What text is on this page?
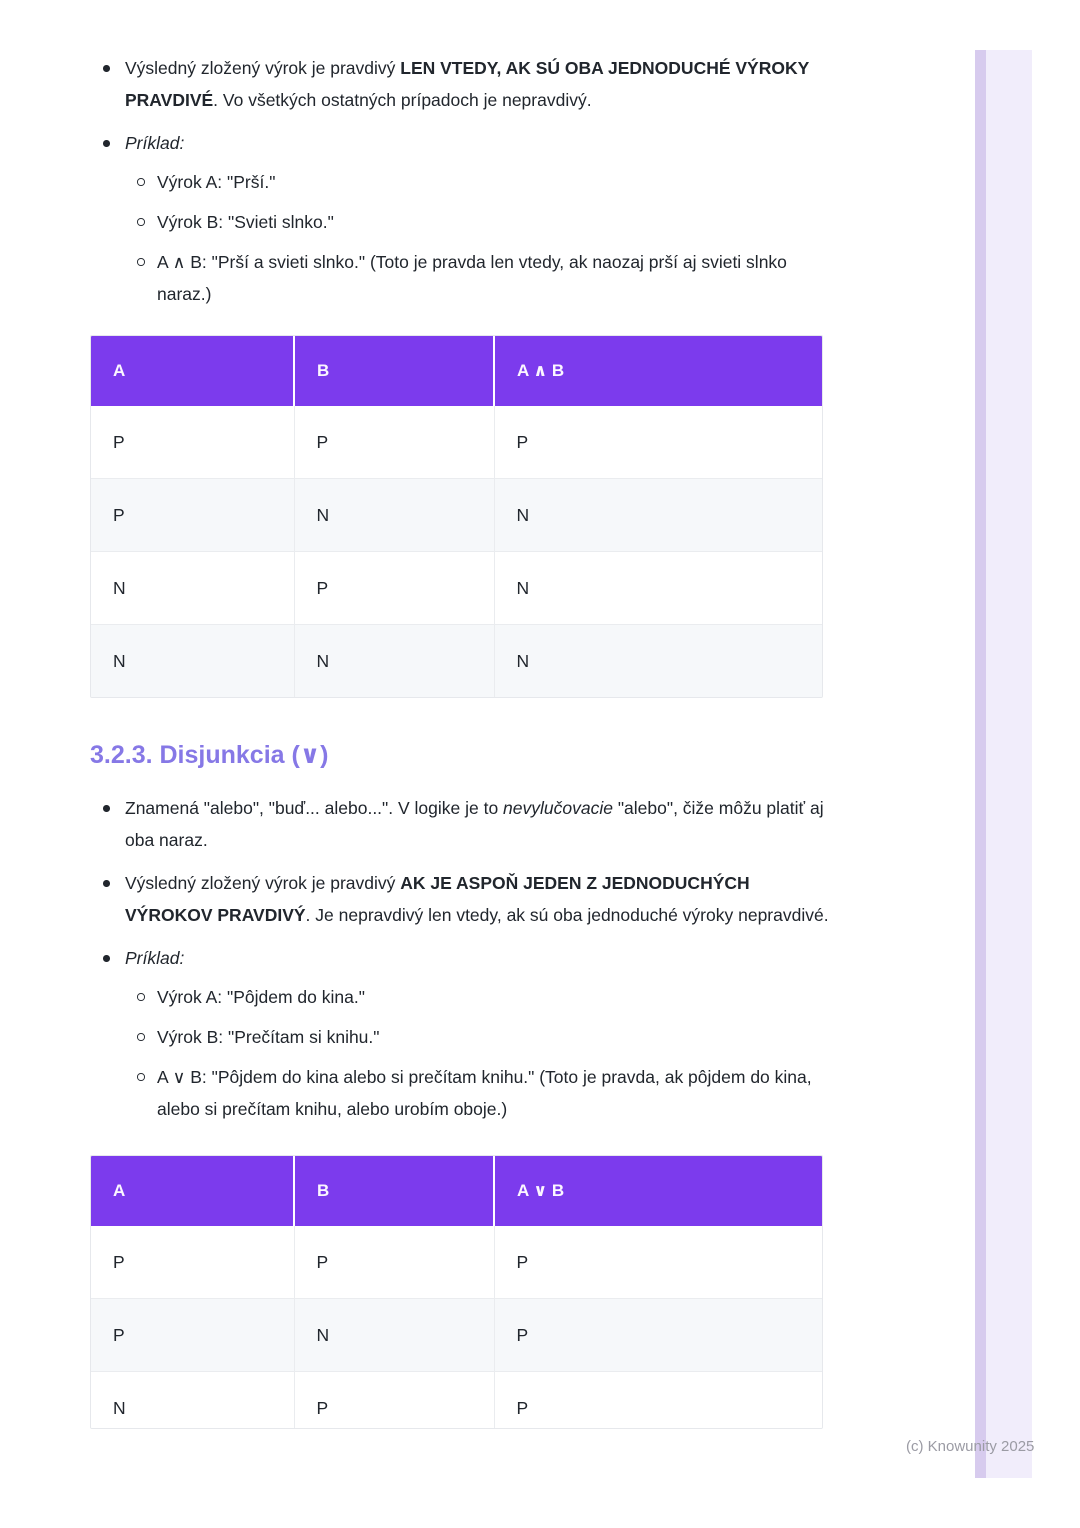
Výsledný zložený výrok je pravdivý LEN VTEDY, AK SÚ OBA JEDNODUCHÉ VÝROKY PRAVDIVÉ. Vo všetkých ostatných prípadoch je nepravdivý.
Príklad:
Výrok A: "Prší."
Výrok B: "Svieti slnko."
A ∧ B: "Prší a svieti slnko." (Toto je pravda len vtedy, ak naozaj prší aj svieti slnko naraz.)
A	B	A ∧ B
P	P	P
P	N	N
N	P	N
N	N	N
3.2.3. Disjunkcia (∨)
Znamená "alebo", "buď... alebo...". V logike je to nevylučovacie "alebo", čiže môžu platiť aj oba naraz.
Výsledný zložený výrok je pravdivý AK JE ASPOŇ JEDEN Z JEDNODUCHÝCH VÝROKOV PRAVDIVÝ. Je nepravdivý len vtedy, ak sú oba jednoduché výroky nepravdivé.
Príklad:
Výrok A: "Pôjdem do kina."
Výrok B: "Prečítam si knihu."
A ∨ B: "Pôjdem do kina alebo si prečítam knihu." (Toto je pravda, ak pôjdem do kina, alebo si prečítam knihu, alebo urobím oboje.)
A	B	A ∨ B
P	P	P
P	N	P
N	P	P
(c) Knowunity 2025
